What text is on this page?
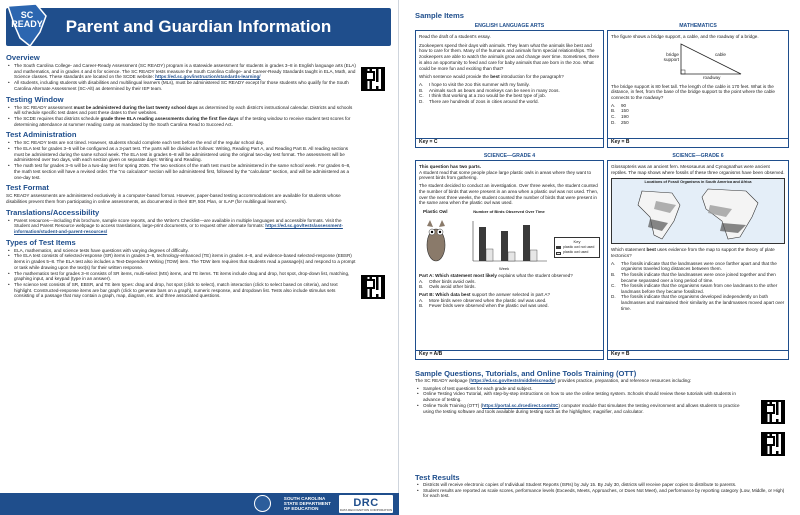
Parent and Guardian Information
SC
READY
Overview
• The South Carolina College- and Career-Ready Assessment (SC READY) program is a statewide assessment for students in grades 3–8 in English language arts (ELA) and mathematics, and in grades 4 and 6 for science. The SC READY tests measure the South Carolina College- and Career-Ready Standards taught in ELA, Math, and Science classes. These standards are located on the SCDE website: https://ed.sc.gov/instruction/standards-learning/
• All students, including students with disabilities and multilingual learners (MLs), must be administered SC READY except for those students who qualify for the South Carolina Alternate Assessment (SC-Alt) as determined by their IEP team.
Testing Window
• The SC READY assessment must be administered during the last twenty school days as determined by each district's instructional calendar. Districts and schools will schedule specific test dates and post these dates to their websites.
• The SCDE requires that districts schedule grade three ELA reading assessments during the first five days of the testing window to receive student test scores for determining attendance at summer reading camp as mandated by the South Carolina Read to Succeed Act.
Test Administration
• The SC READY tests are not timed. However, students should complete each test before the end of the regular school day.
• The ELA test for grades 3–5 will be configured as a 3-part test. The parts will be divided as follows: Writing, Reading Part A, and Reading Part B. All reading sections must be administered during the same school week. The ELA test in grades 6–8 will be administered using the original two-day test format. The assessment will be administered over two days, with each section given on separate days: Writing and Reading.
• The math test for grades 3–5 will be a two-day test for spring 2026. The two sections of the math test must be administered in the same school week. For grades 6–8, the math test section will have a revised order. The "no calculator" section will be administered first, followed by the "calculator" section, and will be administered as a one-day test.
Test Format
SC READY assessments are administered exclusively in a computer-based format. However, paper-based testing accommodations are available for students whose disabilities prevent them from participating in online assessments, as documented in their IEP, 504 Plan, or ILAP (for multilingual learners).
Translations/Accessibility
• Parent resources—including this brochure, sample score reports, and the Writer's Checklist—are available in multiple languages and accessible formats. Visit the Student and Parent Resource webpage to access translations, large-print documents, or to request other alternate formats: https://ed.sc.gov/tests/assessment-information/student-and-parent-resources/
Types of Test Items
• ELA, mathematics, and science tests have questions with varying degrees of difficulty.
• The ELA test consists of selected-response (SR) items in grades 3–8, technology-enhanced (TE) items in grades 4–8, and evidence-based selected-response (EBSR) items in grades 5–8. The ELA test also includes a Text-Dependent Writing (TDW) item. The TDW item requires that students read a passage(s) and respond to a prompt or task while drawing upon the text(s) for their written response.
• The mathematics test for grades 3–8 consists of SR items, multi-select (MS) items, and TE items. TE items include drag and drop, hot spot, drop-down list, matching, graphing input, and keypad (type in an answer).
• The science test consists of SR, EBSR, and TE item types: drag and drop, hot spot (click to select), match interaction (click to select based on criteria), and text highlight. Constructed-response items are bar graph (click to generate bars on a graph), numeric response, and dropdown list. Tests also include stimulus sets consisting of a passage that may contain a graph, map, diagram, etc. and three associated questions.
SOUTH CAROLINA
STATE DEPARTMENT
OF EDUCATION	DRC
DATA RECOGNITION CORPORATION
Sample Items
ENGLISH LANGUAGE ARTS
Read the draft of a student's essay.
Zookeepers spend their days with animals. They learn what the animals like best and how to care for them. Many of the humans and animals form special relationships. The zookeepers are able to watch the animals grow and change over time. Sometimes, there is also an opportunity to feed and care for baby animals that are born in the zoo. What could be more fun and exciting than that?
Which sentence would provide the best introduction for the paragraph?
A.	I hope to visit the zoo this summer with my family.
B.	Animals such as bears and monkeys can be seen in many zoos.
C.	I think that working at a zoo would be the best type of job.
D.	There are hundreds of zoos in cities around the world.
Key = C
MATHEMATICS
The figure shows a bridge support, a cable, and the roadway of a bridge.
bridge support
cable
roadway
The bridge support is 80 feet tall. The length of the cable is 170 feet. What is the distance, in feet, from the base of the bridge support to the point where the cable connects to the roadway?
A.	90
B.	150
C.	190
D.	250
Key = B
SCIENCE—GRADE 4
This question has two parts.
A student read that some people place large plastic owls in areas where they want to prevent birds from gathering.
The student decided to conduct an investigation. Over three weeks, the student counted the number of birds that were present in an area when a plastic owl was not used. Then, over the next three weeks, the student counted the number of birds that were present in the same area when the plastic owl was used.
Plastic Owl	Number of Birds Observed Over Time
Week
Key
plastic owl not used
plastic owl used
Part A: Which statement most likely explains what the student observed?
A.	Other birds avoid owls.
B.	Owls avoid other birds.
Part B: Which data best support the answer selected in part A?
A.	More birds were observed when the plastic owl was used.
B.	Fewer birds were observed when the plastic owl was used.
Key = A/B
SCIENCE—GRADE 6
Glossopteris was an ancient fern. Mesosaurus and Cynognathus were ancient reptiles. The map shows where fossils of these three organisms have been observed.
Locations of Fossil Organisms in South America and Africa
Which statement best uses evidence from the map to support the theory of plate tectonics?
A.	The fossils indicate that the landmasses were once farther apart and that the organisms traveled long distances between them.
B.	The fossils indicate that the landmasses were once joined together and then became separated over a long period of time.
C.	The fossils indicate that the organisms swam from one landmass to the other landmass before they became fossilized.
D.	The fossils indicate that the organisms developed independently on both landmasses and maintained their similarity as the landmasses moved apart over time.
Key = B
Sample Questions, Tutorials, and Online Tools Training (OTT)
The SC READY webpage (https://ed.sc.gov/tests/middle/scready/) provides practice, preparation, and reference resources including:
• Samples of test questions for each grade and subject.
• Online Testing Video Tutorial, with step-by-step instructions on how to use the online testing system. Schools should review these tutorials with students in advance of testing.
• Online Tools Training (OTT) (https://portal.sc.drcedirect.com/SC) computer module that simulates the testing environment and allows students to practice using the testing software and tools available during testing such as the highlighter, magnifier, and calculator.
Test Results
• Districts will receive electronic copies of Individual Student Reports (ISRs) by July 15. By July 30, districts will receive paper copies to distribute to parents.
• Student results are reported as scale scores, performance levels (Exceeds, Meets, Approaches, or Does Not Meet), and performance by reporting category (Low, Middle, or High) for each test.
